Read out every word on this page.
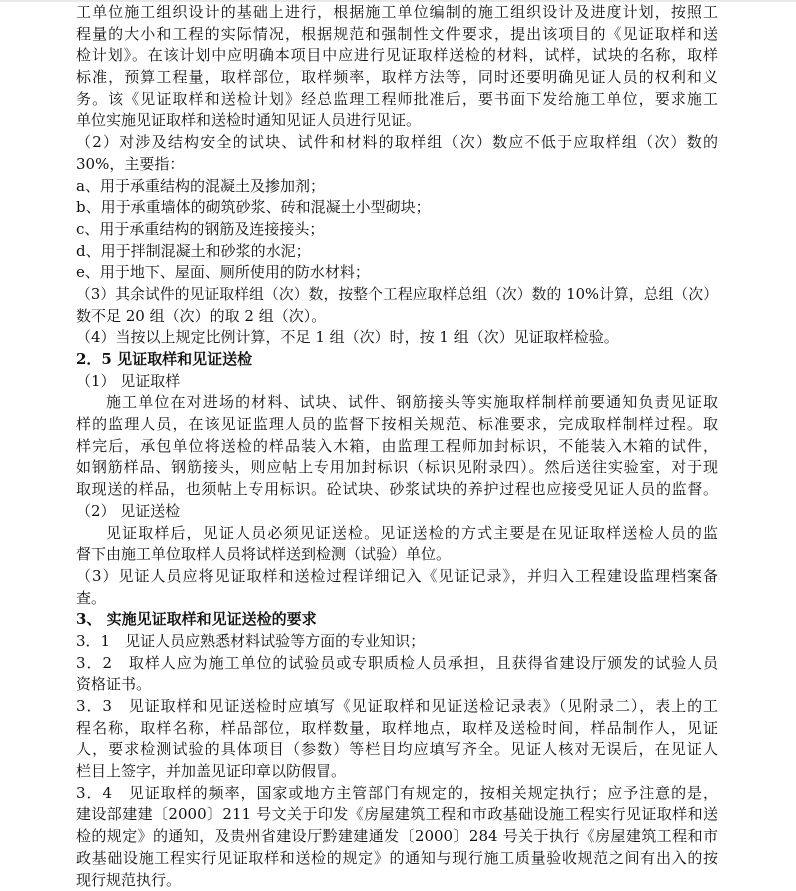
工单位施工组织设计的基础上进行，根据施工单位编制的施工组织设计及进度计划，按照工
程量的大小和工程的实际情况，根据规范和强制性文件要求，提出该项目的《见证取样和送
检计划》。在该计划中应明确本项目中应进行见证取样送检的材料，试样，试块的名称，取样
标准，预算工程量，取样部位，取样频率，取样方法等，同时还要明确见证人员的权利和义
务。该《见证取样和送检计划》经总监理工程师批准后，要书面下发给施工单位，要求施工
单位实施见证取样和送检时通知见证人员进行见证。
（2）对涉及结构安全的试块、试件和材料的取样组（次）数应不低于应取样组（次）数的
30%，主要指：
a、用于承重结构的混凝土及掺加剂；
b、用于承重墙体的砌筑砂浆、砖和混凝土小型砌块；
c、用于承重结构的钢筋及连接接头；
d、用于拌制混凝土和砂浆的水泥；
e、用于地下、屋面、厕所使用的防水材料；
（3）其余试件的见证取样组（次）数，按整个工程应取样总组（次）数的 10%计算，总组（次）
数不足 20 组（次）的取 2 组（次）。
（4）当按以上规定比例计算，不足 1 组（次）时，按 1 组（次）见证取样检验。
2．5 见证取样和见证送检
（1） 见证取样
施工单位在对进场的材料、试块、试件、钢筋接头等实施取样制样前要通知负责见证取
样的监理人员，在该见证监理人员的监督下按相关规范、标准要求，完成取样制样过程。取
样完后，承包单位将送检的样品装入木箱，由监理工程师加封标识，不能装入木箱的试件，
如钢筋样品、钢筋接头，则应帖上专用加封标识（标识见附录四）。然后送往实验室，对于现
取现送的样品，也须帖上专用标识。砼试块、砂浆试块的养护过程也应接受见证人员的监督。
（2） 见证送检
见证取样后，见证人员必须见证送检。见证送检的方式主要是在见证取样送检人员的监
督下由施工单位取样人员将试样送到检测（试验）单位。
（3）见证人员应将见证取样和送检过程详细记入《见证记录》，并归入工程建设监理档案备
查。
3、 实施见证取样和见证送检的要求
3．1　见证人员应熟悉材料试验等方面的专业知识；
3．2　取样人应为施工单位的试验员或专职质检人员承担，且获得省建设厅颁发的试验人员
资格证书。
3．3　见证取样和见证送检时应填写《见证取样和见证送检记录表》（见附录二），表上的工
程名称，取样名称，样品部位，取样数量，取样地点，取样及送检时间，样品制作人，见证
人，要求检测试验的具体项目（参数）等栏目均应填写齐全。见证人核对无误后，在见证人
栏目上签字，并加盖见证印章以防假冒。
3．4　见证取样的频率，国家或地方主管部门有规定的，按相关规定执行；应予注意的是，
建设部建建〔2000〕211 号文关于印发《房屋建筑工程和市政基础设施工程实行见证取样和送
检的规定》的通知，及贵州省建设厅黔建建通发〔2000〕284 号关于执行《房屋建筑工程和市
政基础设施工程实行见证取样和送检的规定》的通知与现行施工质量验收规范之间有出入的按
现行规范执行。
